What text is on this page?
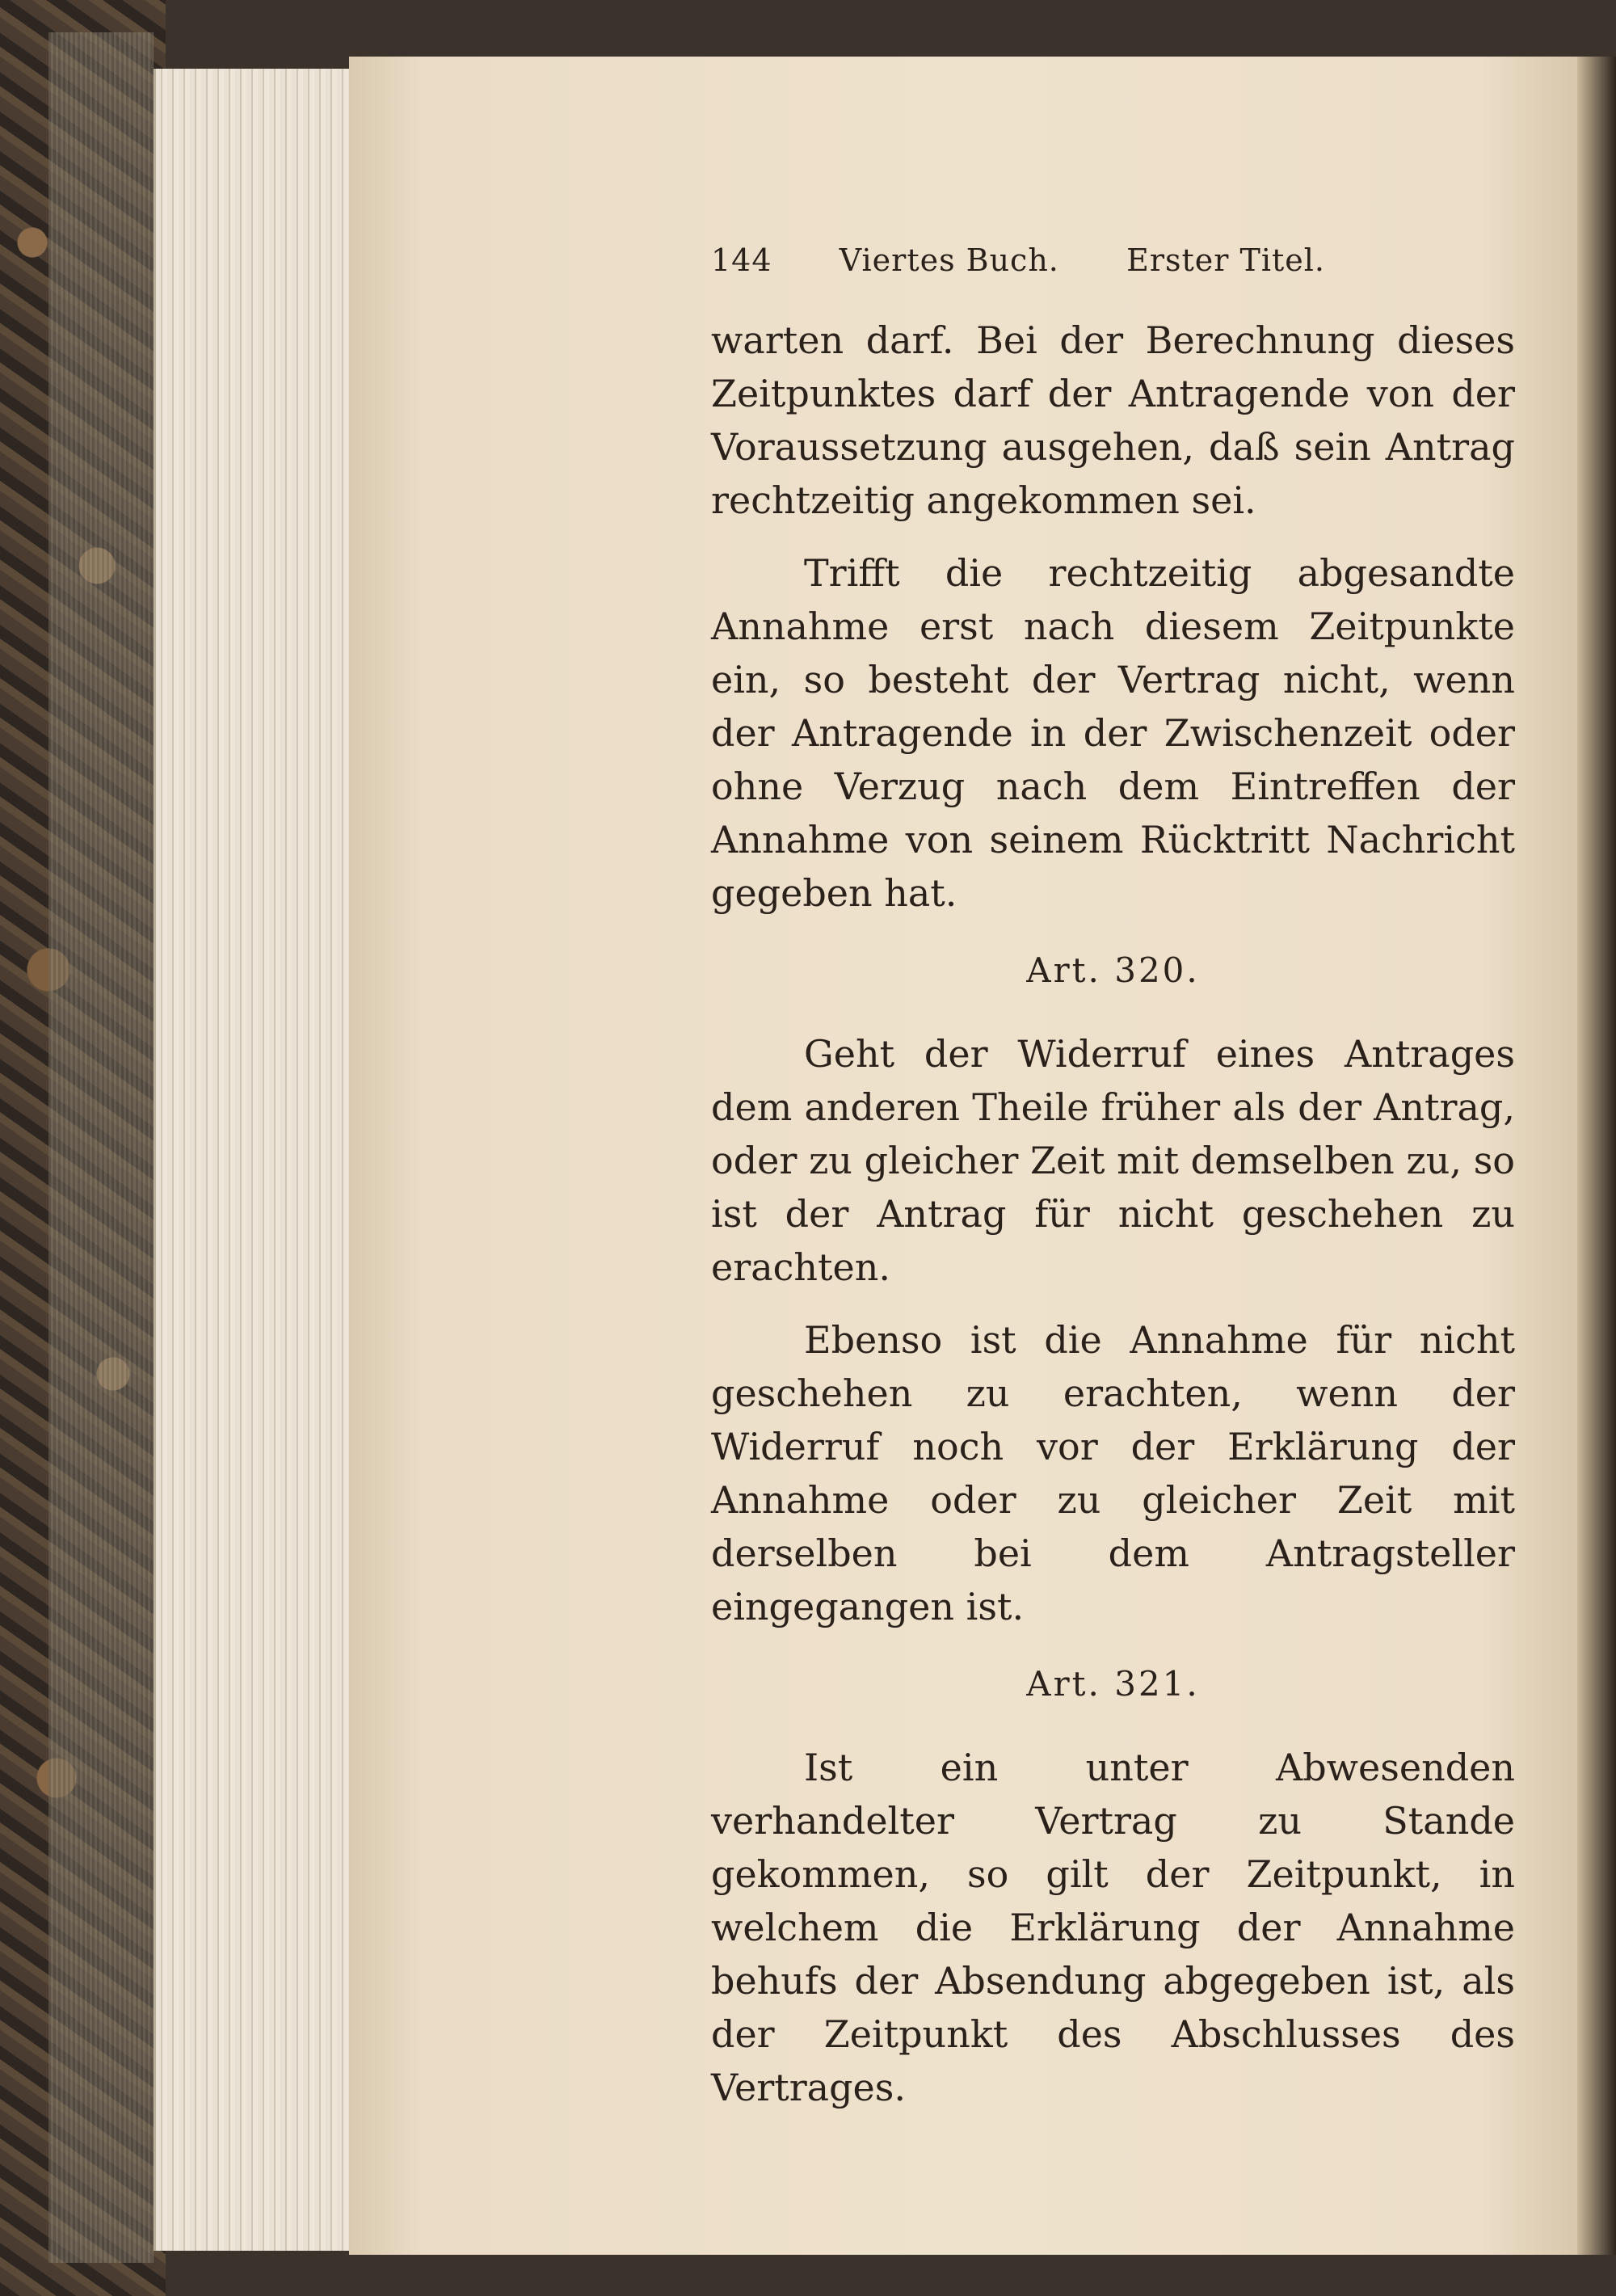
144 Viertes Buch. Erster Titel.

warten darf. Bei der Berechnung dieses Zeitpunktes darf der Antragende von der Voraussetzung ausgehen, daß sein Antrag rechtzeitig angekommen sei.

Trifft die rechtzeitig abgesandte Annahme erst nach diesem Zeitpunkte ein, so besteht der Vertrag nicht, wenn der Antragende in der Zwischenzeit oder ohne Verzug nach dem Eintreffen der Annahme von seinem Rücktritt Nachricht gegeben hat.

Art. 320.

Geht der Widerruf eines Antrages dem anderen Theile früher als der Antrag, oder zu gleicher Zeit mit demselben zu, so ist der Antrag für nicht geschehen zu erachten.

Ebenso ist die Annahme für nicht geschehen zu erachten, wenn der Widerruf noch vor der Erklärung der Annahme oder zu gleicher Zeit mit derselben bei dem Antragsteller eingegangen ist.

Art. 321.

Ist ein unter Abwesenden verhandelter Vertrag zu Stande gekommen, so gilt der Zeitpunkt, in welchem die Erklärung der Annahme behufs der Absendung abgegeben ist, als der Zeitpunkt des Abschlusses des Vertrages.
